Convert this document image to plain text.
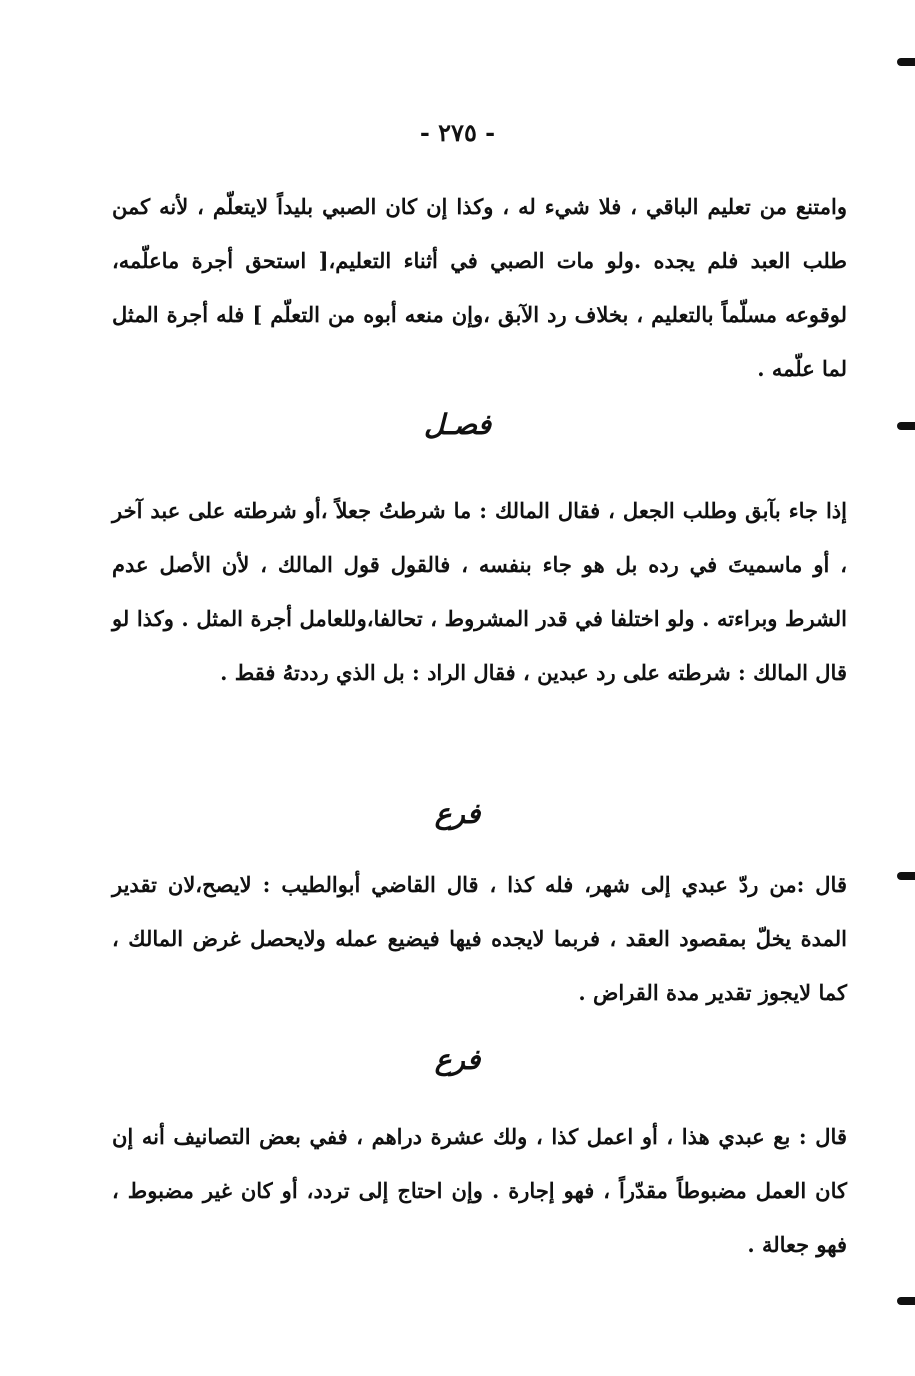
- ٢٧٥ -

وامتنع من تعليم الباقي ، فلا شيء له ، وكذا إن كان الصبي بليداً لايتعلّم ، لأنه كمن طلب العبد فلم يجده .ولو مات الصبي في أثناء التعليم،[ استحق أجرة ماعلّمه، لوقوعه مسلّماً بالتعليم ، بخلاف رد الآبق ،وإن منعه أبوه من التعلّم ] فله أجرة المثل لما علّمه .

فصـل

إذا جاء بآبق وطلب الجعل ، فقال المالك : ما شرطتُ جعلاً ،أو شرطته على عبد آخر ، أو ماسميتَ في رده بل هو جاء بنفسه ، فالقول قول المالك ، لأن الأصل عدم الشرط وبراءته . ولو اختلفا في قدر المشروط ، تحالفا،وللعامل أجرة المثل . وكذا لو قال المالك : شرطته على رد عبدين ، فقال الراد : بل الذي رددتهُ فقط .

فرع

قال :من ردّ عبدي إلى شهر، فله كذا ، قال القاضي أبوالطيب : لايصح،لان تقدير المدة يخلّ بمقصود العقد ، فربما لايجده فيها فيضيع عمله ولايحصل غرض المالك ، كما لايجوز تقدير مدة القراض .

فرع

قال : بع عبدي هذا ، أو اعمل كذا ، ولك عشرة دراهم ، ففي بعض التصانيف أنه إن كان العمل مضبوطاً مقدّراً ، فهو إجارة . وإن احتاج إلى تردد، أو كان غير مضبوط ، فهو جعالة .
